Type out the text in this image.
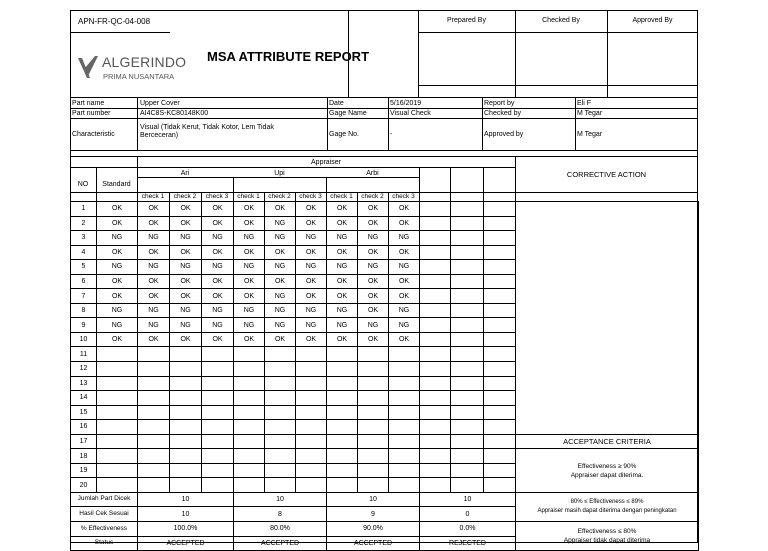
APN-FR-QC-04-008
ALGERINDO
PRIMA NUSANTARA
MSA ATTRIBUTE REPORT
Prepared By	Checked By	Approved By
Part name	Upper Cover
Part number	AI4C8S-KC80148K00
Characteristic
Visual (Tidak Kerut, Tidak Kotor, Lem Tidak Berceceran)
Date	5/16/2019
Gage Name	Visual Check
Gage No.	-
Report by	Eli F
Checked by	M Tegar
Approved by	M Tegar
Appraiser
NO	Standard
Ari	Upi	Arbi	CORRECTIVE ACTION
check 1	check 2	check 3	check 1	check 2	check 3	check 1	check 2	check 3
1	OK	OK	OK	OK	OK	OK	OK	OK	OK	OK				
2	OK	OK	OK	OK	OK	NG	OK	OK	OK	OK				
3	NG	NG	NG	NG	NG	NG	NG	NG	NG	NG				
4	OK	OK	OK	OK	OK	OK	OK	OK	OK	OK				
5	NG	NG	NG	NG	NG	NG	NG	NG	NG	NG				
6	OK	OK	OK	OK	OK	OK	OK	OK	OK	OK				
7	OK	OK	OK	OK	OK	NG	OK	OK	OK	OK				
8	NG	NG	NG	NG	NG	NG	NG	NG	OK	NG				
9	NG	NG	NG	NG	NG	NG	NG	NG	NG	NG				
10	OK	OK	OK	OK	OK	OK	OK	OK	OK	OK				
11														
12														
13														
14														
15														
16														
17														ACCEPTANCE CRITERIA
18														Effectiveness ≥ 90%
Appraiser dapat diterima.

19														
20														
Jumlah Part Dicek		10			10			10			10			80% ≤ Effectiveness ≤ 89%
Appraiser masih dapat diterima dengan peningkatan

Hasil Cek Sesuai		10			8			9			0			
% Effectiveness		100.0%			80.0%			90.0%			0.0%			Effectiveness ≤ 80%
Appraiser tidak dapat diterima

Status		ACCEPTED			ACCEPTED			ACCEPTED			REJECTED			
